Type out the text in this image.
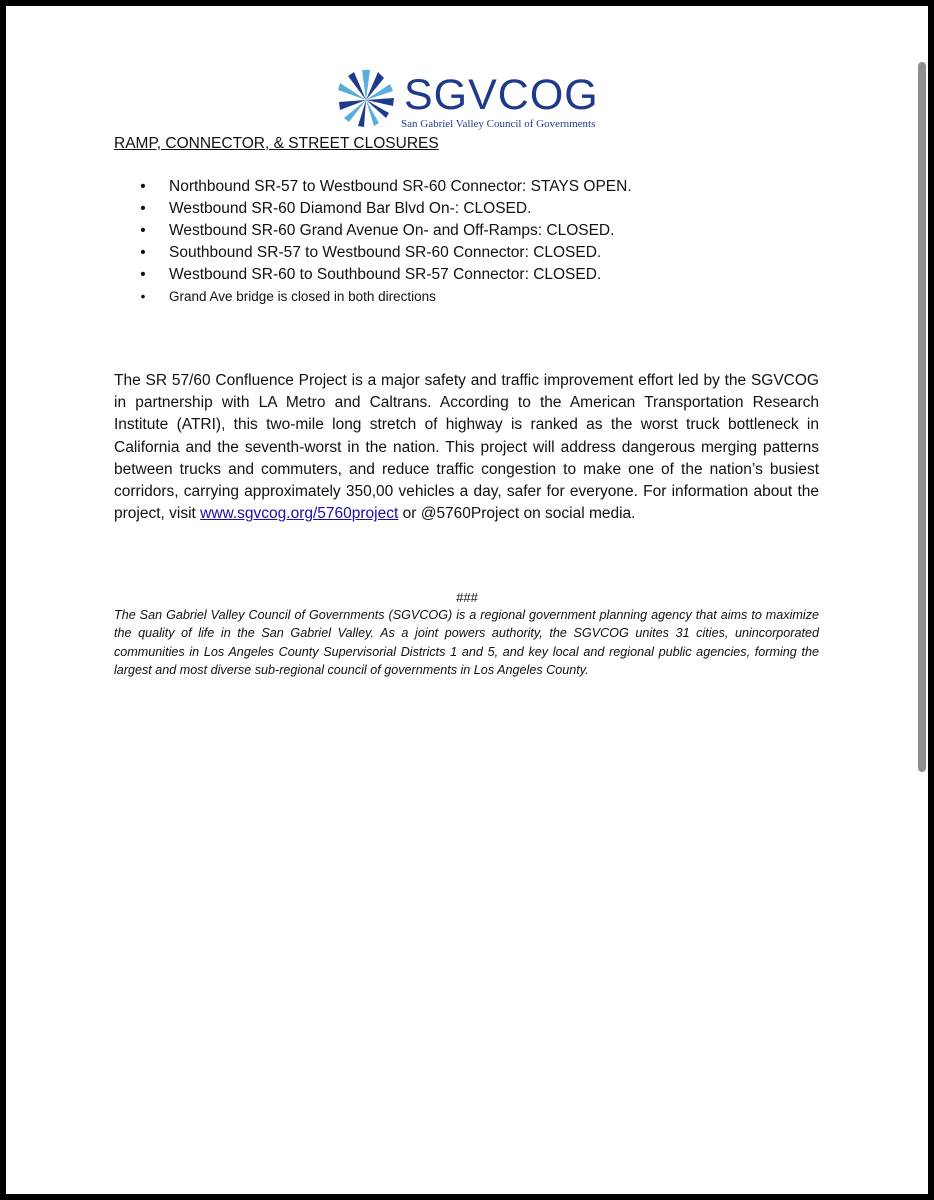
SGVCOG
San Gabriel Valley Council of Governments
RAMP, CONNECTOR, & STREET CLOSURES
• Northbound SR-57 to Westbound SR-60 Connector: STAYS OPEN.
• Westbound SR-60 Diamond Bar Blvd On-: CLOSED.
• Westbound SR-60 Grand Avenue On- and Off-Ramps: CLOSED.
• Southbound SR-57 to Westbound SR-60 Connector: CLOSED.
• Westbound SR-60 to Southbound SR-57 Connector: CLOSED.
• Grand Ave bridge is closed in both directions
The SR 57/60 Confluence Project is a major safety and traffic improvement effort led by the SGVCOG in partnership with LA Metro and Caltrans. According to the American Transportation Research Institute (ATRI), this two-mile long stretch of highway is ranked as the worst truck bottleneck in California and the seventh-worst in the nation. This project will address dangerous merging patterns between trucks and commuters, and reduce traffic congestion to make one of the nation’s busiest corridors, carrying approximately 350,00 vehicles a day, safer for everyone. For information about the project, visit www.sgvcog.org/5760project or @5760Project on social media.
###
The San Gabriel Valley Council of Governments (SGVCOG) is a regional government planning agency that aims to maximize the quality of life in the San Gabriel Valley. As a joint powers authority, the SGVCOG unites 31 cities, unincorporated communities in Los Angeles County Supervisorial Districts 1 and 5, and key local and regional public agencies, forming the largest and most diverse sub-regional council of governments in Los Angeles County.
